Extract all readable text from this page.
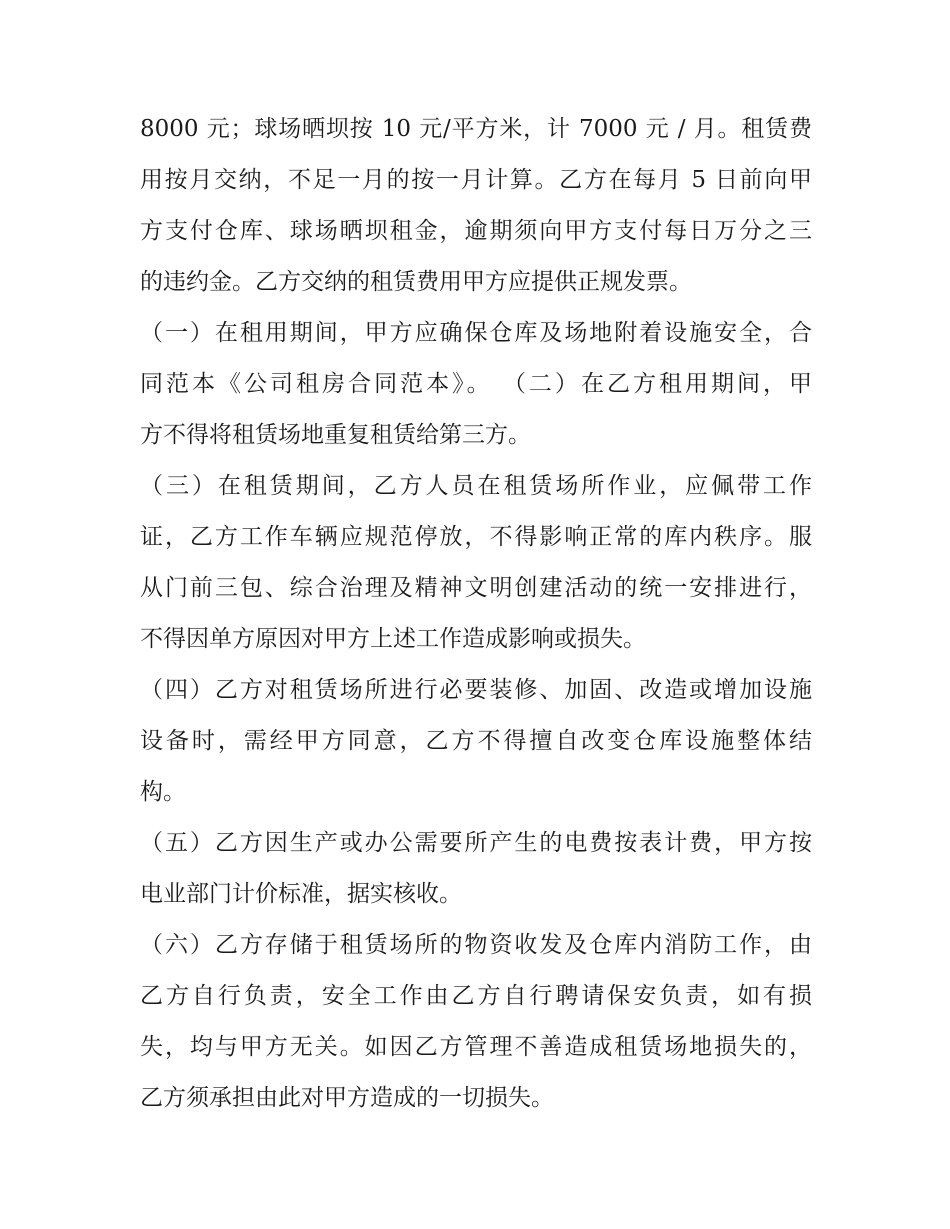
8000 元；球场晒坝按 10 元/平方米，计 7000 元 / 月。租赁费
用按月交纳，不足一月的按一月计算。乙方在每月 5 日前向甲
方支付仓库、球场晒坝租金，逾期须向甲方支付每日万分之三
的违约金。乙方交纳的租赁费用甲方应提供正规发票。
（一）在租用期间，甲方应确保仓库及场地附着设施安全，合
同范本《公司租房合同范本》。 （二）在乙方租用期间，甲
方不得将租赁场地重复租赁给第三方。
（三）在租赁期间，乙方人员在租赁场所作业，应佩带工作
证，乙方工作车辆应规范停放，不得影响正常的库内秩序。服
从门前三包、综合治理及精神文明创建活动的统一安排进行，
不得因单方原因对甲方上述工作造成影响或损失。
（四）乙方对租赁场所进行必要装修、加固、改造或增加设施
设备时，需经甲方同意，乙方不得擅自改变仓库设施整体结
构。
（五）乙方因生产或办公需要所产生的电费按表计费，甲方按
电业部门计价标准，据实核收。
（六）乙方存储于租赁场所的物资收发及仓库内消防工作，由
乙方自行负责，安全工作由乙方自行聘请保安负责，如有损
失，均与甲方无关。如因乙方管理不善造成租赁场地损失的，
乙方须承担由此对甲方造成的一切损失。
